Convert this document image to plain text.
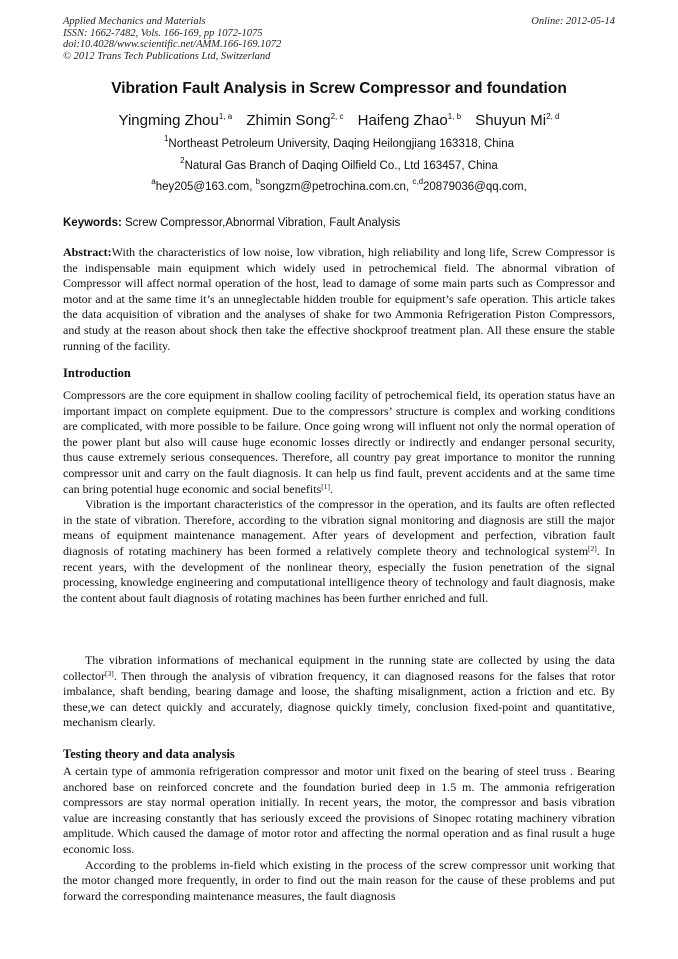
Applied Mechanics and Materials
ISSN: 1662-7482, Vols. 166-169, pp 1072-1075
doi:10.4028/www.scientific.net/AMM.166-169.1072
© 2012 Trans Tech Publications Ltd, Switzerland
Online: 2012-05-14
Vibration Fault Analysis in Screw Compressor and foundation
Yingming Zhou$^{1, a}$ Zhimin Song$^{2, c}$ Haifeng Zhao$^{1, b}$ Shuyun Mi$^{2, d}$
$^1$Northeast Petroleum University, Daqing Heilongjiang 163318, China
$^2$Natural Gas Branch of Daqing Oilfield Co., Ltd 163457, China
$^a$hey205@163.com, $^b$songzm@petrochina.com.cn, $^{c,d}$20879036@qq.com,
Keywords: Screw Compressor,Abnormal Vibration, Fault Analysis

Abstract:With the characteristics of low noise, low vibration, high reliability and long life, Screw Compressor is the indispensable main equipment which widely used in petrochemical field. The abnormal vibration of Compressor will affect normal operation of the host, lead to damage of some main parts such as Compressor and motor and at the same time it’s an unneglectable hidden trouble for equipment’s safe operation. This article takes the data acquisition of vibration and the analyses of shake for two Ammonia Refrigeration Piston Compressors, and study at the reason about shock then take the effective shockproof treatment plan. All these ensure the stable running of the facility.

Introduction

Compressors are the core equipment in shallow cooling facility of petrochemical field, its operation status have an important impact on complete equipment. Due to the compressors’ structure is complex and working conditions are complicated, with more possible to be failure. Once going wrong will influent not only the normal operation of the power plant but also will cause huge economic losses directly or indirectly and endanger personal security, thus cause extremely serious consequences. Therefore, all country pay great importance to monitor the running compressor unit and carry on the fault diagnosis. It can help us find fault, prevent accidents and at the same time can bring potential huge economic and social benefits[1].

Vibration is the important characteristics of the compressor in the operation, and its faults are often reflected in the state of vibration. Therefore, according to the vibration signal monitoring and diagnosis are still the major means of equipment maintenance management. After years of development and perfection, vibration fault diagnosis of rotating machinery has been formed a relatively complete theory and technological system[2]. In recent years, with the development of the nonlinear theory, especially the fusion penetration of the signal processing, knowledge engineering and computational intelligence theory of technology and fault diagnosis, make the content about fault diagnosis of rotating machines has been further enriched and full.

The vibration informations of mechanical equipment in the running state are collected by using the data collector[3]. Then through the analysis of vibration frequency, it can diagnosed reasons for the falses that rotor imbalance, shaft bending, bearing damage and loose, the shafting misalignment, action a friction and etc. By these,we can detect quickly and accurately, diagnose quickly timely, conclusion fixed-point and quantitative, mechanism clearly.

Testing theory and data analysis

A certain type of ammonia refrigeration compressor and motor unit fixed on the bearing of steel truss . Bearing anchored base on reinforced concrete and the foundation buried deep in 1.5 m. The ammonia refrigeration compressors are stay normal operation initially. In recent years, the motor, the compressor and basis vibration value are increasing constantly that has seriously exceed the provisions of Sinopec rotating machinery vibration amplitude. Which caused the damage of motor rotor and affecting the normal operation and as final rusult a huge economic loss.

According to the problems in-field which existing in the process of the screw compressor unit working that the motor changed more frequently, in order to find out the main reason for the cause of these problems and put forward the corresponding maintenance measures, the fault diagnosis
